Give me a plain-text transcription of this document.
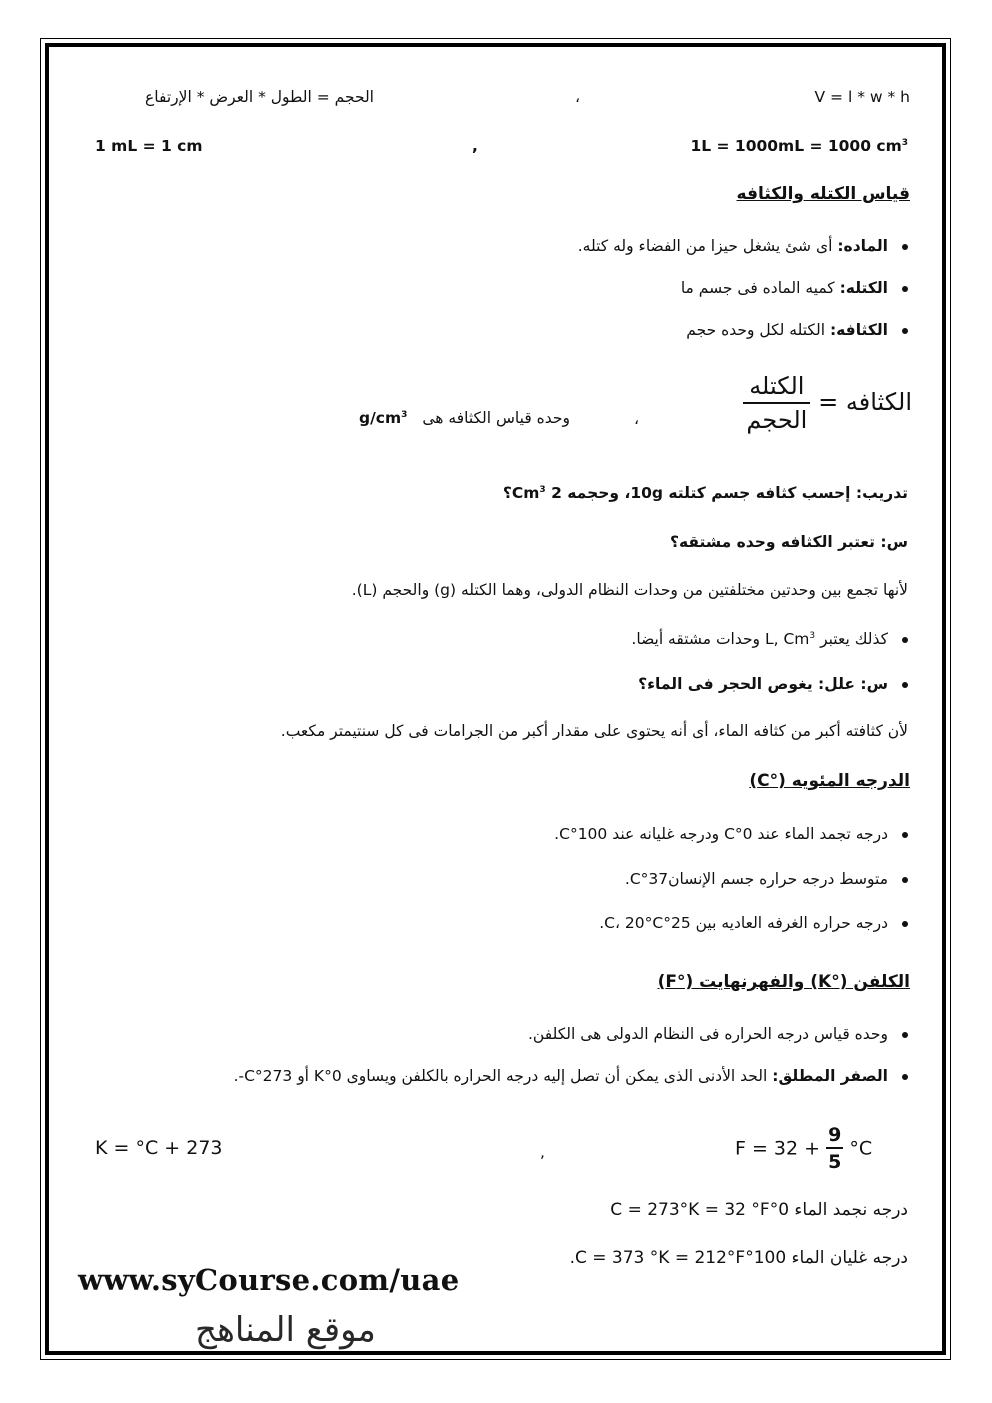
الحجم = الطول * العرض * الإرتفاع	،	V = l * w * h
1 mL = 1 cm	,	1L = 1000mL = 1000 $cm^3$
قياس الكتله والكثافه
الماده: أى شئ يشغل حيزا من الفضاء وله كتله.
الكتله: كميه الماده فى جسم ما
الكثافه: الكتله لكل وحده حجم
الكثافه =
$\frac{\text{الكتله}}{\text{الحجم}}$
،
وحده قياس الكثافه هى $g/cm^3$
تدريب: إحسب كثافه جسم كتلته 10g، وحجمه 2 Cm$^3$؟
س: تعتبر الكثافه وحده مشتقه؟
لأنها تجمع بين وحدتين مختلفتين من وحدات النظام الدولى، وهما الكتله (g) والحجم (L).
كذلك يعتبر L, Cm$^3$ وحدات مشتقه أيضا.
س: علل: يغوص الحجر فى الماء؟
لأن كثافته أكبر من كثافه الماء، أى أنه يحتوى على مقدار أكبر من الجرامات فى كل سنتيمتر مكعب.
الدرجه المئويه (°C)
درجه تجمد الماء عند 0°C ودرجه غليانه عند 100°C.
متوسط درجه حراره جسم الإنسان37°C.
درجه حراره الغرفه العاديه بين 25°C، 20°C.
الكلفن (°K) والفهرنهايت (°F)
وحده قياس درجه الحراره فى النظام الدولى هى الكلفن.
الصفر المطلق: الحد الأدنى الذى يمكن أن تصل إليه درجه الحراره بالكلفن ويساوى 0°K أو 273°C-.
K = °C + 273	,	$F = 32 + \frac{9}{5} ^\circ C$
درجه نجمد الماء 0°C = 273°K = 32 °F
درجه غليان الماء 100°C = 373 °K = 212°F.
www.syCourse.com/uae
موقع المناهج
